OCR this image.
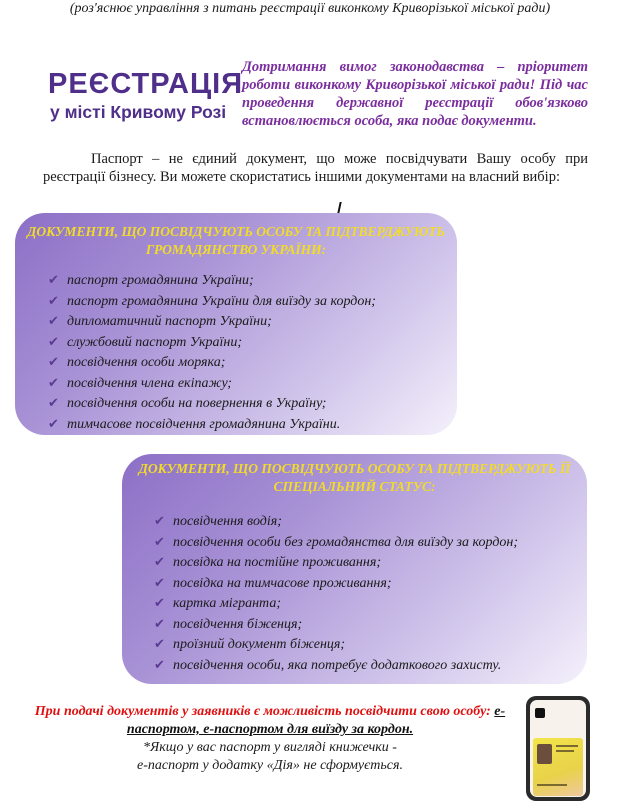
(роз'яснює управління з питань реєстрації виконкому Криворізької міської ради)
РЕЄСТРАЦІЯ
у місті Кривому Розі
Дотримання вимог законодавства – пріоритет роботи виконкому Криворізької міської ради! Під час проведення державної реєстрації обов'язково встановлюється особа, яка подає документи.
Паспорт – не єдиний документ, що може посвідчувати Вашу особу при реєстрації бізнесу. Ви можете скористатись іншими документами на власний вибір:
ДОКУМЕНТИ, ЩО ПОСВІДЧУЮТЬ ОСОБУ ТА ПІДТВЕРДЖУЮТЬ ГРОМАДЯНСТВО УКРАЇНИ:
✔ паспорт громадянина України;
✔ паспорт громадянина України для виїзду за кордон;
✔ дипломатичний паспорт України;
✔ службовий паспорт України;
✔ посвідчення особи моряка;
✔ посвідчення члена екіпажу;
✔ посвідчення особи на повернення в Україну;
✔ тимчасове посвідчення громадянина України.
ДОКУМЕНТИ, ЩО ПОСВІДЧУЮТЬ ОСОБУ ТА ПІДТВЕРДЖУЮТЬ ЇЇ СПЕЦІАЛЬНИЙ СТАТУС:
✔ посвідчення водія;
✔ посвідчення особи без громадянства для виїзду за кордон;
✔ посвідка на постійне проживання;
✔ посвідка на тимчасове проживання;
✔ картка мігранта;
✔ посвідчення біженця;
✔ проїзний документ біженця;
✔ посвідчення особи, яка потребує додаткового захисту.
При подачі документів у заявників є можливість посвідчити свою особу: е-паспортом, е-паспортом для виїзду за кордон.
*Якщо у вас паспорт у вигляді книжечки -
е-паспорт у додатку «Дія» не сформується.
